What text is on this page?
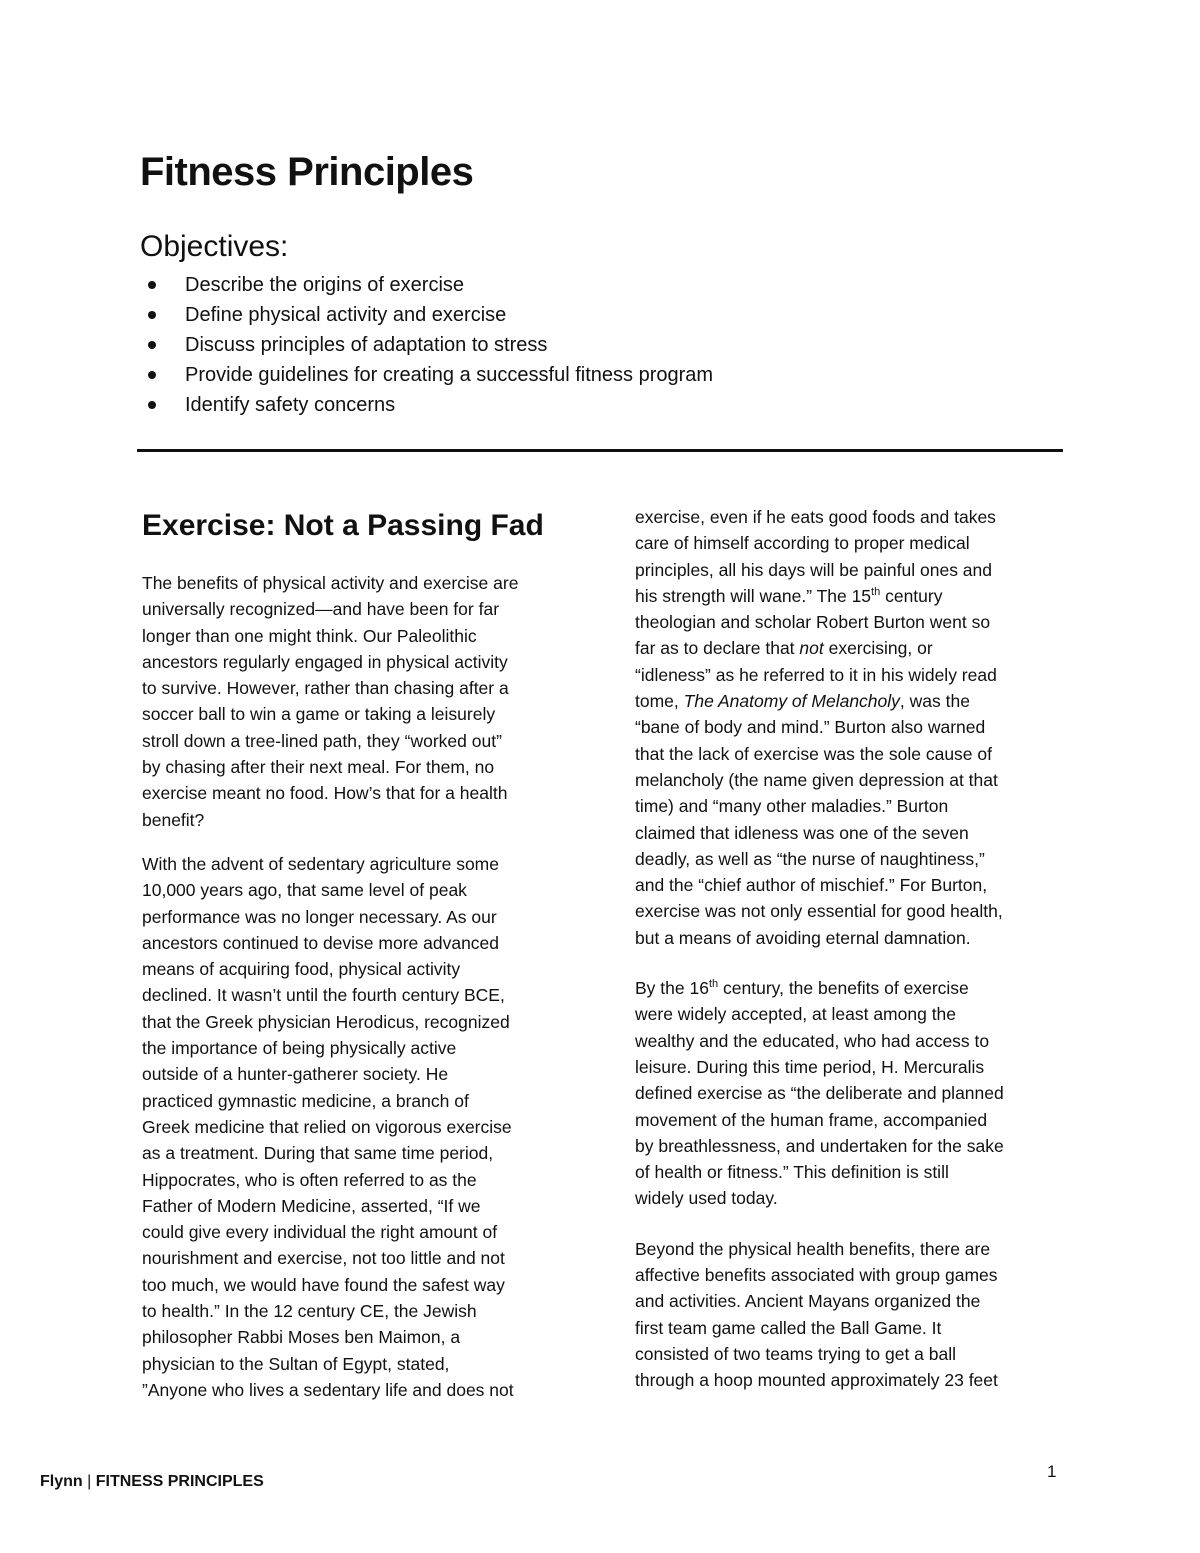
Fitness Principles
Objectives:
Describe the origins of exercise
Define physical activity and exercise
Discuss principles of adaptation to stress
Provide guidelines for creating a successful fitness program
Identify safety concerns
Exercise: Not a Passing Fad

The benefits of physical activity and exercise are
universally recognized—and have been for far
longer than one might think. Our Paleolithic
ancestors regularly engaged in physical activity
to survive. However, rather than chasing after a
soccer ball to win a game or taking a leisurely
stroll down a tree-lined path, they “worked out”
by chasing after their next meal. For them, no
exercise meant no food. How’s that for a health
benefit?

With the advent of sedentary agriculture some
10,000 years ago, that same level of peak
performance was no longer necessary. As our
ancestors continued to devise more advanced
means of acquiring food, physical activity
declined. It wasn’t until the fourth century BCE,
that the Greek physician Herodicus, recognized
the importance of being physically active
outside of a hunter-gatherer society. He
practiced gymnastic medicine, a branch of
Greek medicine that relied on vigorous exercise
as a treatment. During that same time period,
Hippocrates, who is often referred to as the
Father of Modern Medicine, asserted, “If we
could give every individual the right amount of
nourishment and exercise, not too little and not
too much, we would have found the safest way
to health.” In the 12 century CE, the Jewish
philosopher Rabbi Moses ben Maimon, a
physician to the Sultan of Egypt, stated,
”Anyone who lives a sedentary life and does not

exercise, even if he eats good foods and takes
care of himself according to proper medical
principles, all his days will be painful ones and
his strength will wane.” The 15th century
theologian and scholar Robert Burton went so
far as to declare that not exercising, or
“idleness” as he referred to it in his widely read
tome, The Anatomy of Melancholy, was the
“bane of body and mind.” Burton also warned
that the lack of exercise was the sole cause of
melancholy (the name given depression at that
time) and “many other maladies.” Burton
claimed that idleness was one of the seven
deadly, as well as “the nurse of naughtiness,”
and the “chief author of mischief.” For Burton,
exercise was not only essential for good health,
but a means of avoiding eternal damnation.

By the 16th century, the benefits of exercise
were widely accepted, at least among the
wealthy and the educated, who had access to
leisure. During this time period, H. Mercuralis
defined exercise as “the deliberate and planned
movement of the human frame, accompanied
by breathlessness, and undertaken for the sake
of health or fitness.” This definition is still
widely used today.

Beyond the physical health benefits, there are
affective benefits associated with group games
and activities. Ancient Mayans organized the
first team game called the Ball Game. It
consisted of two teams trying to get a ball
through a hoop mounted approximately 23 feet

Flynn | FITNESS PRINCIPLES
1
